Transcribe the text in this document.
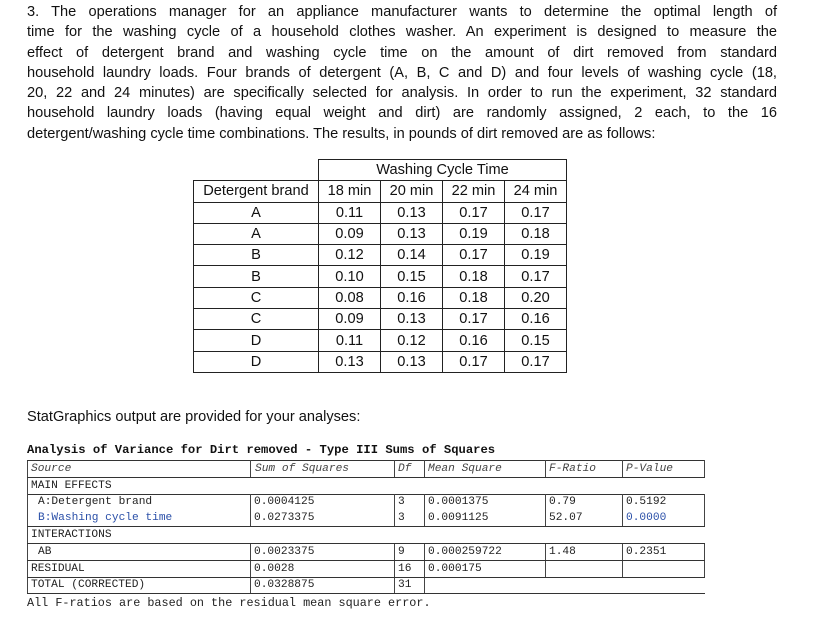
3. The operations manager for an appliance manufacturer wants to determine the optimal length of
time for the washing cycle of a household clothes washer. An experiment is designed to measure the
effect of detergent brand and washing cycle time on the amount of dirt removed from standard
household laundry loads. Four brands of detergent (A, B, C and D) and four levels of washing cycle (18,
20, 22 and 24 minutes) are specifically selected for analysis. In order to run the experiment, 32 standard
household laundry loads (having equal weight and dirt) are randomly assigned, 2 each, to the 16
detergent/washing cycle time combinations. The results, in pounds of dirt removed are as follows:
	Washing Cycle Time			
Detergent brand	18 min	20 min	22 min	24 min
A	0.11	0.13	0.17	0.17
A	0.09	0.13	0.19	0.18
B	0.12	0.14	0.17	0.19
B	0.10	0.15	0.18	0.17
C	0.08	0.16	0.18	0.20
C	0.09	0.13	0.17	0.16
D	0.11	0.12	0.16	0.15
D	0.13	0.13	0.17	0.17

StatGraphics output are provided for your analyses:

Analysis of Variance for Dirt removed - Type III Sums of Squares

Source	Sum of Squares	Df	Mean Square	F-Ratio	P-Value
MAIN EFFECTS					
A:Detergent brand	0.0004125	3	0.0001375	0.79	0.5192
B:Washing cycle time	0.0273375	3	0.0091125	52.07	0.0000
INTERACTIONS					
AB	0.0023375	9	0.000259722	1.48	0.2351
RESIDUAL	0.0028	16	0.000175		
TOTAL (CORRECTED)	0.0328875	31			

All F-ratios are based on the residual mean square error.
